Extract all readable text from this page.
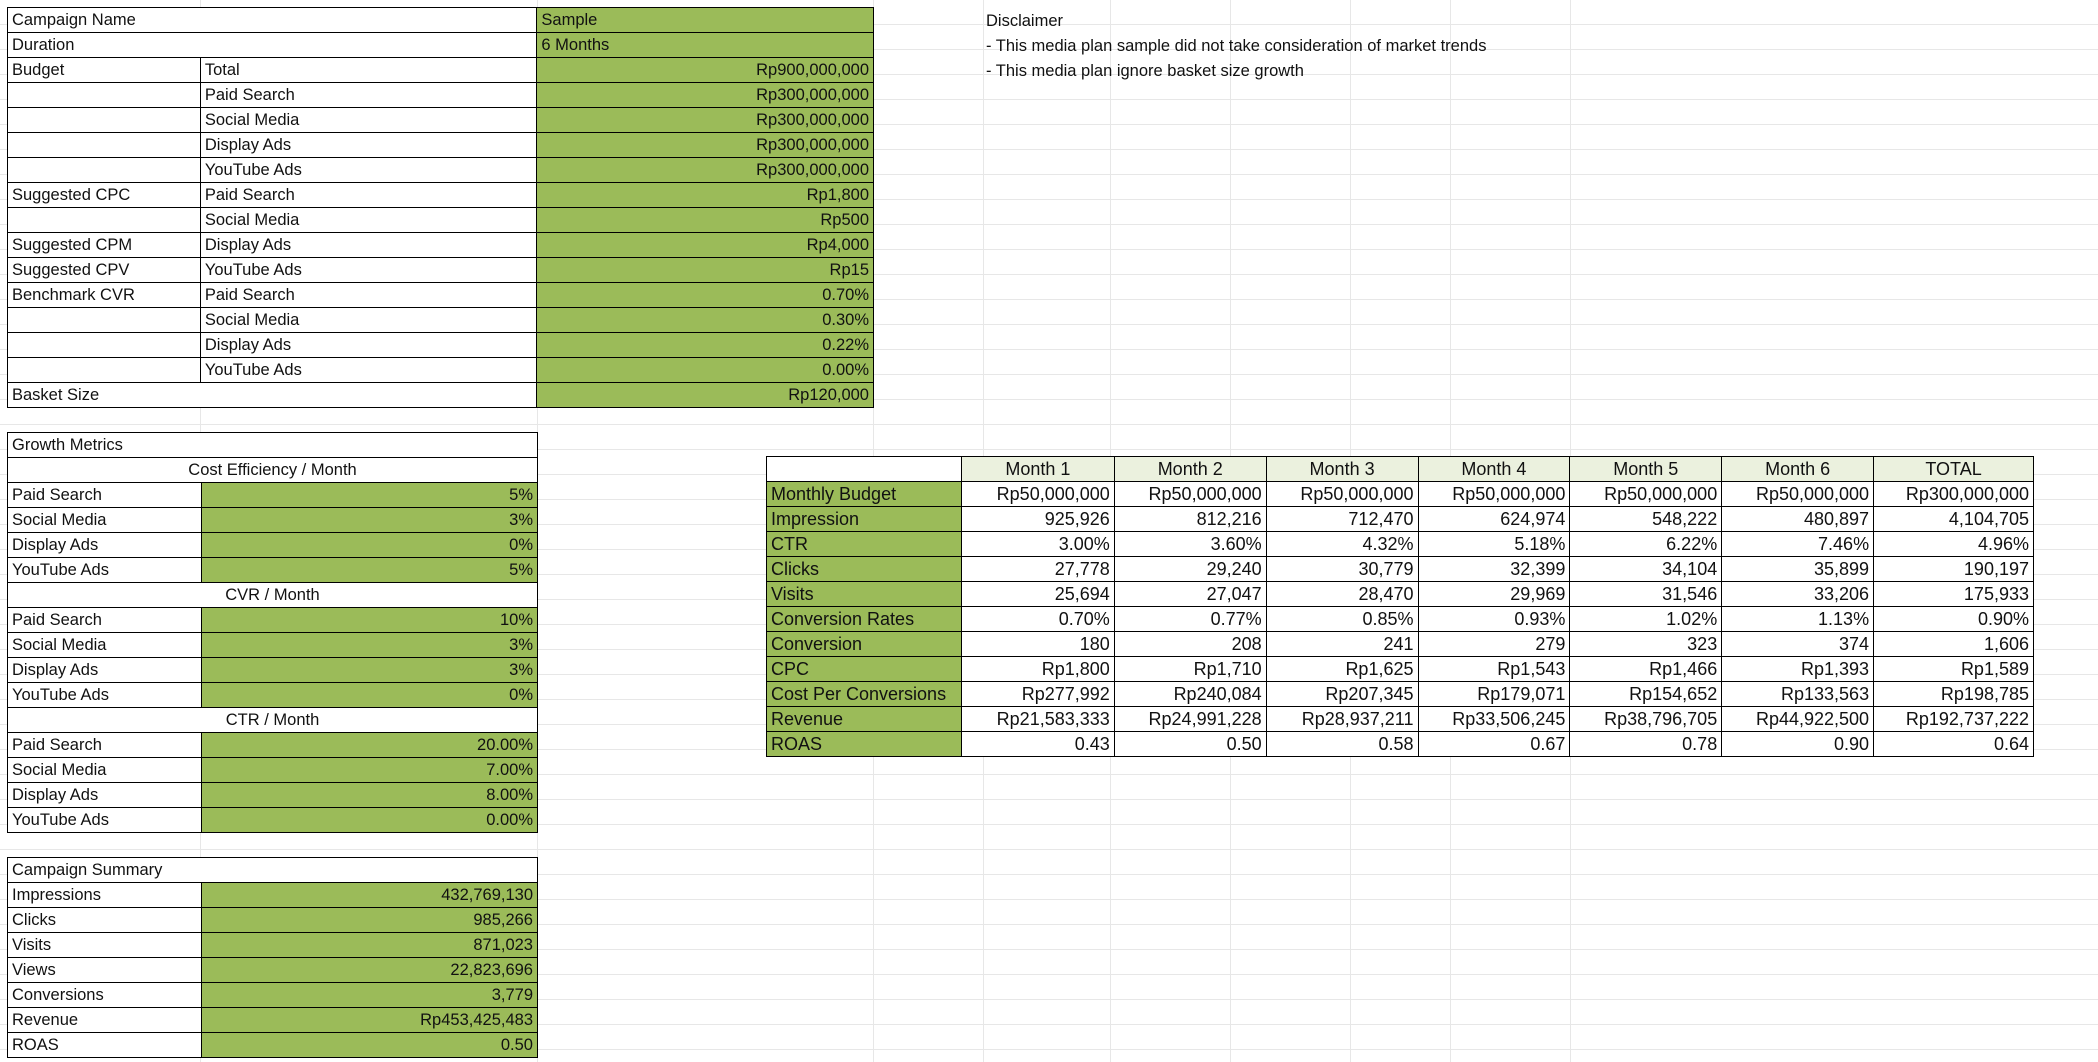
Campaign Name		Sample
Duration		6 Months
Budget	Total	Rp900,000,000
	Paid Search	Rp300,000,000
	Social Media	Rp300,000,000
	Display Ads	Rp300,000,000
	YouTube Ads	Rp300,000,000
Suggested CPC	Paid Search	Rp1,800
	Social Media	Rp500
Suggested CPM	Display Ads	Rp4,000
Suggested CPV	YouTube Ads	Rp15
Benchmark CVR	Paid Search	0.70%
	Social Media	0.30%
	Display Ads	0.22%
	YouTube Ads	0.00%
Basket Size		Rp120,000
Disclaimer
- This media plan sample did not take consideration of market trends
- This media plan ignore basket size growth
Growth Metrics	
Cost Efficiency / Month	
Paid Search	5%
Social Media	3%
Display Ads	0%
YouTube Ads	5%
CVR / Month	
Paid Search	10%
Social Media	3%
Display Ads	3%
YouTube Ads	0%
CTR / Month	
Paid Search	20.00%
Social Media	7.00%
Display Ads	8.00%
YouTube Ads	0.00%
Campaign Summary	
Impressions	432,769,130
Clicks	985,266
Visits	871,023
Views	22,823,696
Conversions	3,779
Revenue	Rp453,425,483
ROAS	0.50
	Month 1	Month 2	Month 3	Month 4	Month 5	Month 6	TOTAL
Monthly Budget	Rp50,000,000	Rp50,000,000	Rp50,000,000	Rp50,000,000	Rp50,000,000	Rp50,000,000	Rp300,000,000
Impression	925,926	812,216	712,470	624,974	548,222	480,897	4,104,705
CTR	3.00%	3.60%	4.32%	5.18%	6.22%	7.46%	4.96%
Clicks	27,778	29,240	30,779	32,399	34,104	35,899	190,197
Visits	25,694	27,047	28,470	29,969	31,546	33,206	175,933
Conversion Rates	0.70%	0.77%	0.85%	0.93%	1.02%	1.13%	0.90%
Conversion	180	208	241	279	323	374	1,606
CPC	Rp1,800	Rp1,710	Rp1,625	Rp1,543	Rp1,466	Rp1,393	Rp1,589
Cost Per Conversions	Rp277,992	Rp240,084	Rp207,345	Rp179,071	Rp154,652	Rp133,563	Rp198,785
Revenue	Rp21,583,333	Rp24,991,228	Rp28,937,211	Rp33,506,245	Rp38,796,705	Rp44,922,500	Rp192,737,222
ROAS	0.43	0.50	0.58	0.67	0.78	0.90	0.64
